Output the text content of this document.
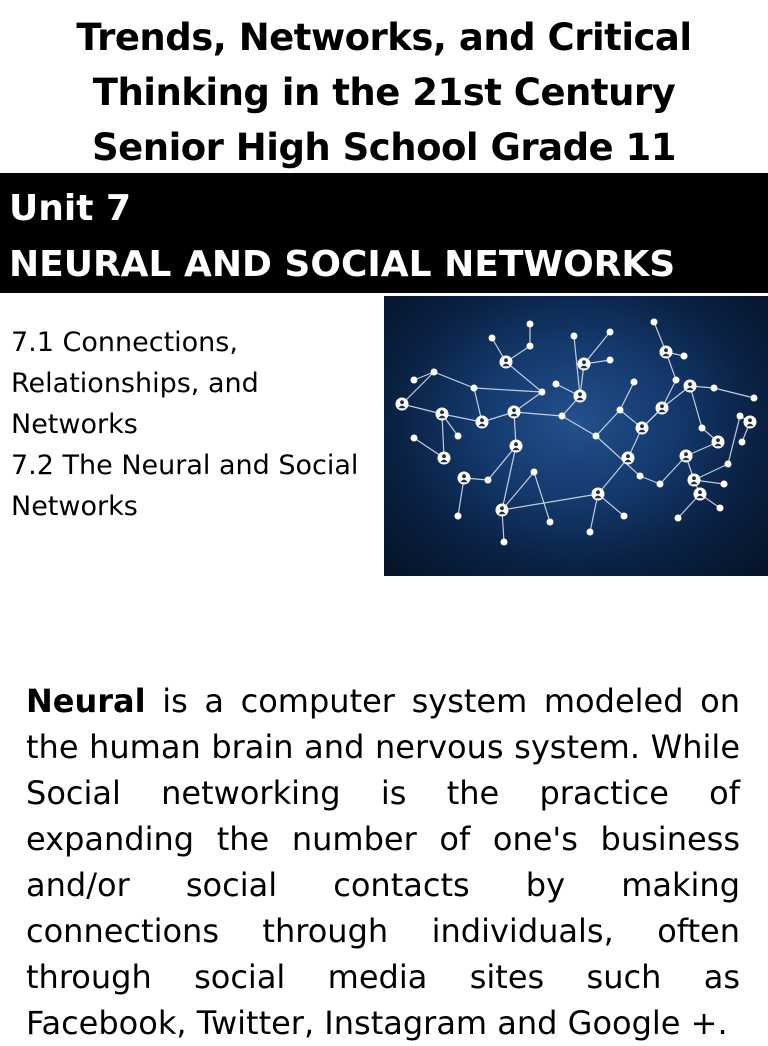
Trends, Networks, and Critical
Thinking in the 21st Century
Senior High School Grade 11
Unit 7
NEURAL AND SOCIAL NETWORKS
7.1 Connections,
Relationships, and
Networks
7.2 The Neural and Social
Networks
Neural is a computer system modeled on the human brain and nervous system. While Social networking is the practice of expanding the number of one's business and/or social contacts by making connections through individuals, often through social media sites such as Facebook, Twitter, Instagram and Google +.
